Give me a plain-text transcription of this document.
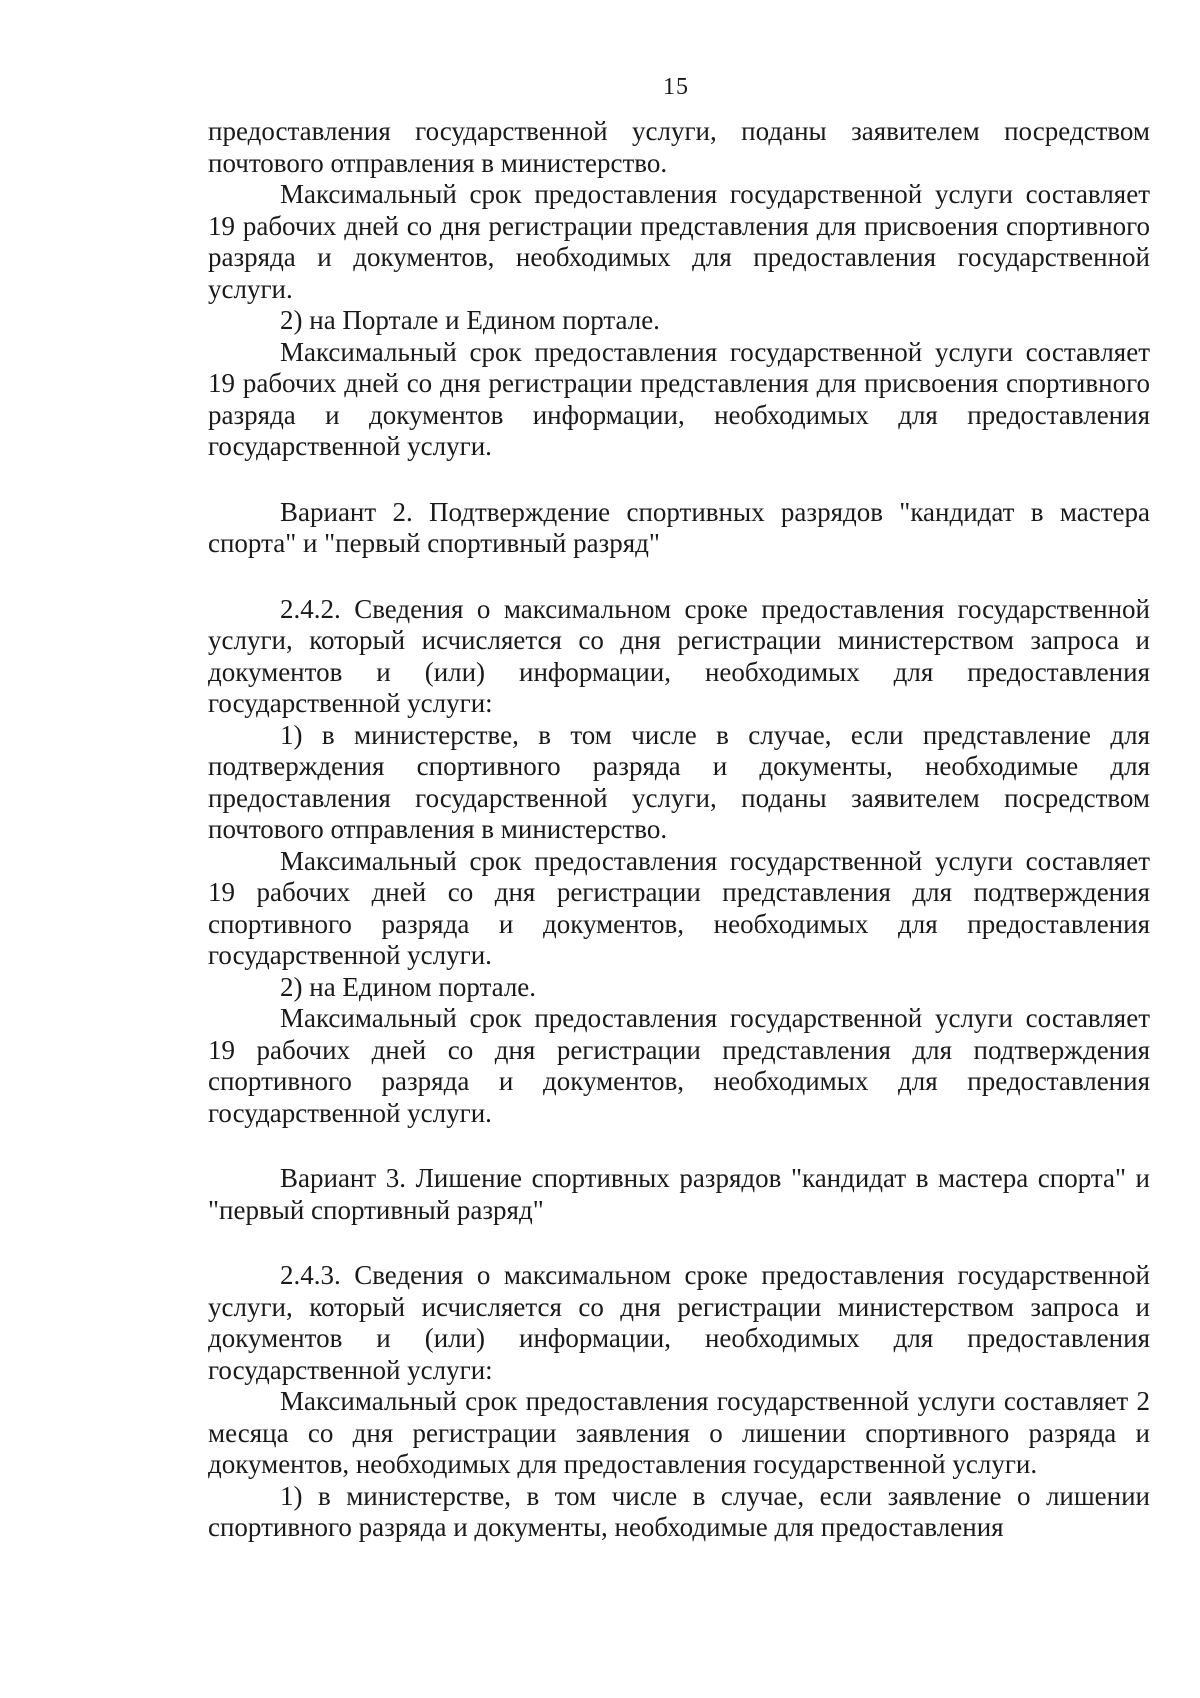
15

предоставления государственной услуги, поданы заявителем посредством почтового отправления в министерство.

Максимальный срок предоставления государственной услуги составляет 19 рабочих дней со дня регистрации представления для присвоения спортивного разряда и документов, необходимых для предоставления государственной услуги.

2) на Портале и Едином портале.

Максимальный срок предоставления государственной услуги составляет 19 рабочих дней со дня регистрации представления для присвоения спортивного разряда и документов информации, необходимых для предоставления государственной услуги.

Вариант 2. Подтверждение спортивных разрядов "кандидат в мастера спорта" и "первый спортивный разряд"

2.4.2. Сведения о максимальном сроке предоставления государственной услуги, который исчисляется со дня регистрации министерством запроса и документов и (или) информации, необходимых для предоставления государственной услуги:

1) в министерстве, в том числе в случае, если представление для подтверждения спортивного разряда и документы, необходимые для предоставления государственной услуги, поданы заявителем посредством почтового отправления в министерство.

Максимальный срок предоставления государственной услуги составляет 19 рабочих дней со дня регистрации представления для подтверждения спортивного разряда и документов, необходимых для предоставления государственной услуги.

2) на Едином портале.

Максимальный срок предоставления государственной услуги составляет 19 рабочих дней со дня регистрации представления для подтверждения спортивного разряда и документов, необходимых для предоставления государственной услуги.

Вариант 3. Лишение спортивных разрядов "кандидат в мастера спорта" и "первый спортивный разряд"

2.4.3. Сведения о максимальном сроке предоставления государственной услуги, который исчисляется со дня регистрации министерством запроса и документов и (или) информации, необходимых для предоставления государственной услуги:

Максимальный срок предоставления государственной услуги составляет 2 месяца со дня регистрации заявления о лишении спортивного разряда и документов, необходимых для предоставления государственной услуги.

1) в министерстве, в том числе в случае, если заявление о лишении спортивного разряда и документы, необходимые для предоставления
